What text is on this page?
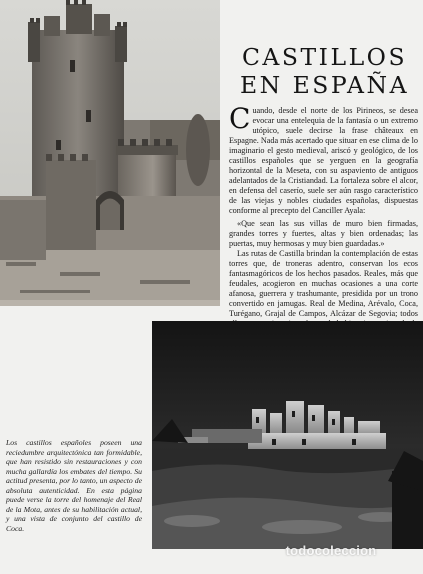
CASTILLOS
EN ESPAÑA

Cuando, desde el norte de los Pirineos, se desea evocar una entelequia de la fantasía o un extremo utópico, suele decirse la frase châteaux en Espagne. Nada más acertado que situar en ese clima de lo imaginario el gesto medieval, ariscó y geológico, de los castillos españoles que se yerguen en la geografía horizontal de la Meseta, con su aspaviento de antiguos adelantados de la Cristiandad. La fortaleza sobre el alcor, en defensa del caserío, suele ser aún rasgo característico de las viejas y nobles ciudades españolas, dispuestas conforme al precepto del Canciller Ayala:

«Que sean las sus villas de muro bien firmadas, grandes torres y fuertes, altas y bien ordenadas; las puertas, muy hermosas y muy bien guardadas.»

Las rutas de Castilla brindan la contemplación de estas torres que, de troneras adentro, conservan los ecos fantasmagóricos de los hechos pasados. Reales, más que feudales, acogieron en muchas ocasiones a una corte afanosa, guerrera y trashumante, presidida por un trono convertido en jamugas. Real de Medina, Arévalo, Coca, Turégano, Grajal de Campos, Alcázar de Segovia; todos

Los castillos españoles poseen una reciedumbre arquitectónica tan formidable, que han resistido sin restauraciones y con mucha gallardía los embates del tiempo. Su actitud presenta, por lo tanto, un aspecto de absoluta autenticidad. En esta página puede verse la torre del homenaje del Real de la Mota, antes de su habilitación actual, y una vista de conjunto del castillo de Coca.
todocoleccion
